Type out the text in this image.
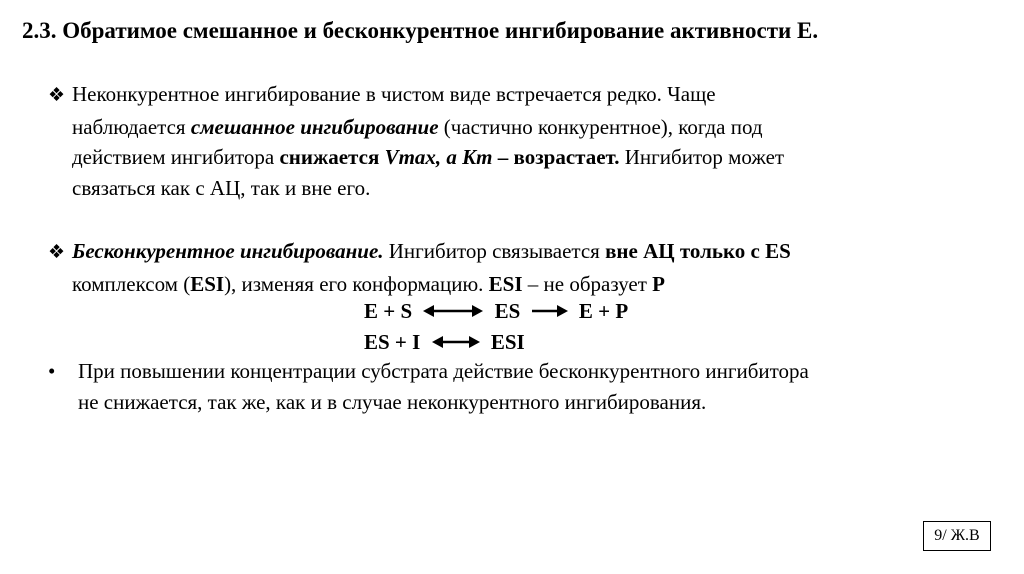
2.3. Обратимое смешанное и бесконкурентное ингибирование активности Е.
❖ Неконкурентное ингибирование в чистом виде встречается редко. Чаще
наблюдается смешанное ингибирование (частично конкурентное), когда под
действием ингибитора снижается Vmax, а Km – возрастает. Ингибитор может
связаться как с АЦ, так и вне его.
❖ Бесконкурентное ингибирование. Ингибитор связывается вне АЦ только с ES
комплексом (ESI), изменяя его конформацию. ESI – не образует Р
E + S	ES	E + P
ES + I	ESI
• При повышении концентрации субстрата действие бесконкурентного ингибитора
не снижается, так же, как и в случае неконкурентного ингибирования.
9/ Ж.В
